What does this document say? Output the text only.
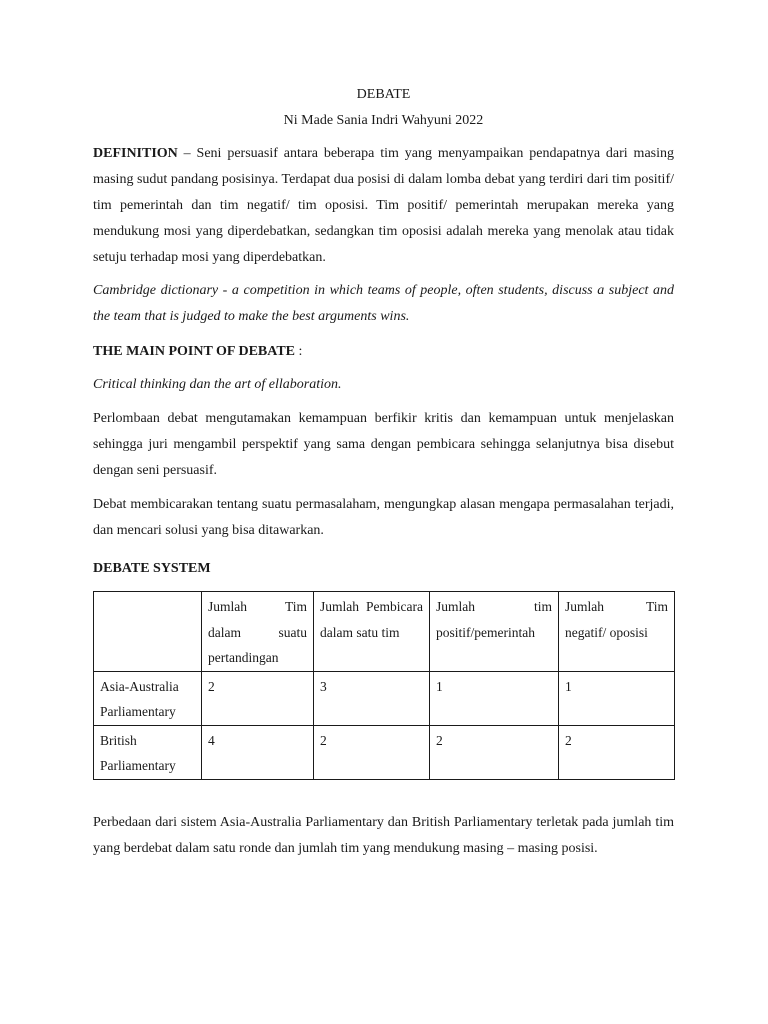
DEBATE

Ni Made Sania Indri Wahyuni 2022

DEFINITION – Seni persuasif antara beberapa tim yang menyampaikan pendapatnya dari masing masing sudut pandang posisinya. Terdapat dua posisi di dalam lomba debat yang terdiri dari tim positif/ tim pemerintah dan tim negatif/ tim oposisi. Tim positif/ pemerintah merupakan mereka yang mendukung mosi yang diperdebatkan, sedangkan tim oposisi adalah mereka yang menolak atau tidak setuju terhadap mosi yang diperdebatkan.

Cambridge dictionary - a competition in which teams of people, often students, discuss a subject and the team that is judged to make the best arguments wins.

THE MAIN POINT OF DEBATE :

Critical thinking dan the art of ellaboration.

Perlombaan debat mengutamakan kemampuan berfikir kritis dan kemampuan untuk menjelaskan sehingga juri mengambil perspektif yang sama dengan pembicara sehingga selanjutnya bisa disebut dengan seni persuasif.

Debat membicarakan tentang suatu permasalaham, mengungkap alasan mengapa permasalahan terjadi, dan mencari solusi yang bisa ditawarkan.

DEBATE SYSTEM

	Jumlah Tim dalam suatu pertandingan	Jumlah Pembicara dalam satu tim	Jumlah tim positif/pemerintah	Jumlah Tim negatif/ oposisi
Asia-Australia Parliamentary	2	3	1	1
British Parliamentary	4	2	2	2

Perbedaan dari sistem Asia-Australia Parliamentary dan British Parliamentary terletak pada jumlah tim yang berdebat dalam satu ronde dan jumlah tim yang mendukung masing – masing posisi.
